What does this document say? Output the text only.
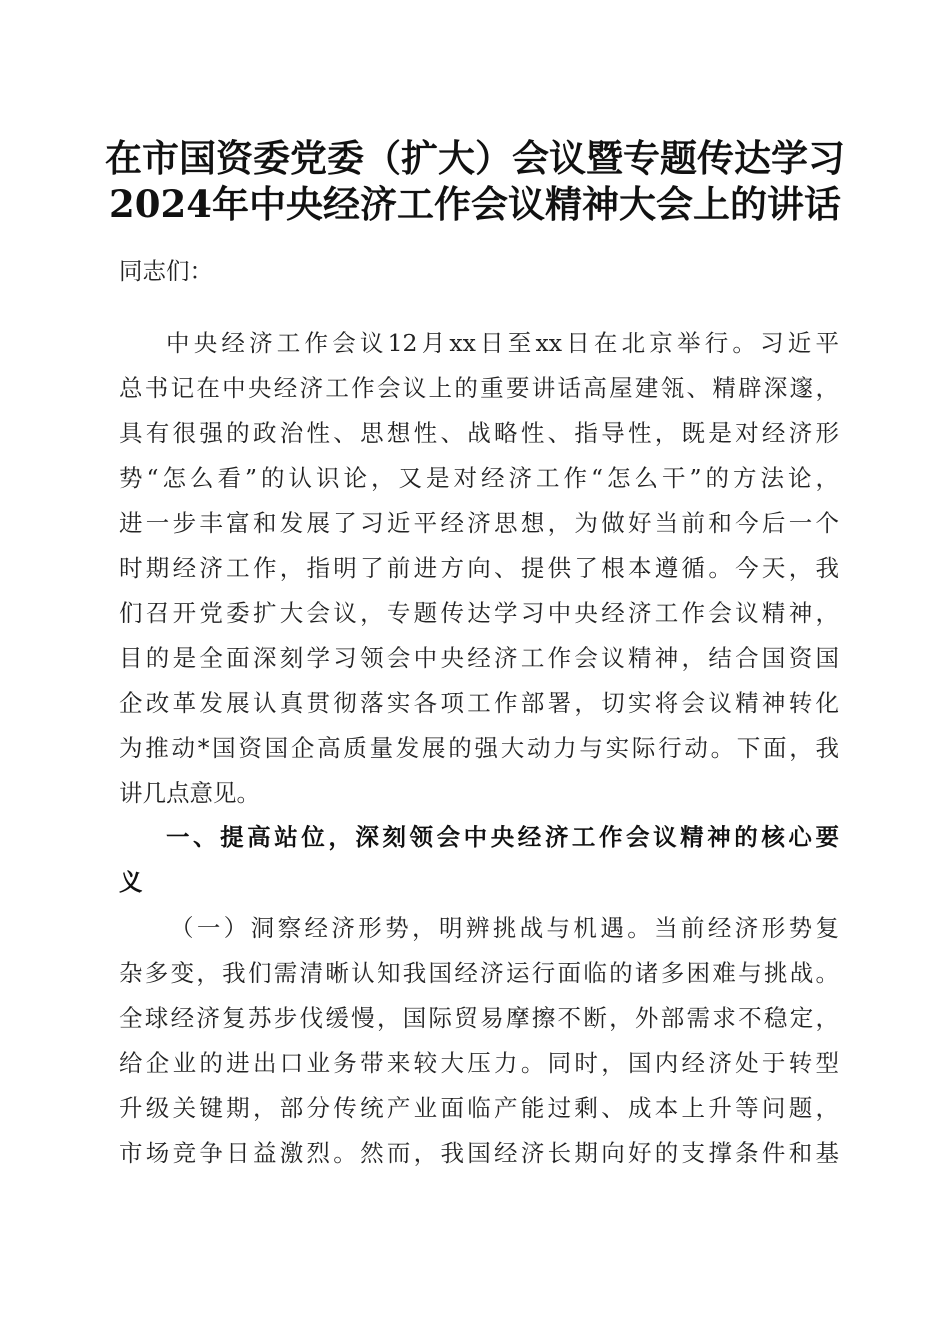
在市国资委党委（扩大）会议暨专题传达学习
2024年中央经济工作会议精神大会上的讲话
同志们：
中央经济工作会议12月xx日至xx日在北京举行。习近平
总书记在中央经济工作会议上的重要讲话高屋建瓴、精辟深邃，
具有很强的政治性、思想性、战略性、指导性，既是对经济形
势“怎么看”的认识论，又是对经济工作“怎么干”的方法论，
进一步丰富和发展了习近平经济思想，为做好当前和今后一个
时期经济工作，指明了前进方向、提供了根本遵循。今天，我
们召开党委扩大会议，专题传达学习中央经济工作会议精神，
目的是全面深刻学习领会中央经济工作会议精神，结合国资国
企改革发展认真贯彻落实各项工作部署，切实将会议精神转化
为推动*国资国企高质量发展的强大动力与实际行动。下面，我
讲几点意见。
一、提高站位，深刻领会中央经济工作会议精神的核心要
义
（一）洞察经济形势，明辨挑战与机遇。当前经济形势复
杂多变，我们需清晰认知我国经济运行面临的诸多困难与挑战。
全球经济复苏步伐缓慢，国际贸易摩擦不断，外部需求不稳定，
给企业的进出口业务带来较大压力。同时，国内经济处于转型
升级关键期，部分传统产业面临产能过剩、成本上升等问题，
市场竞争日益激烈。然而，我国经济长期向好的支撑条件和基
